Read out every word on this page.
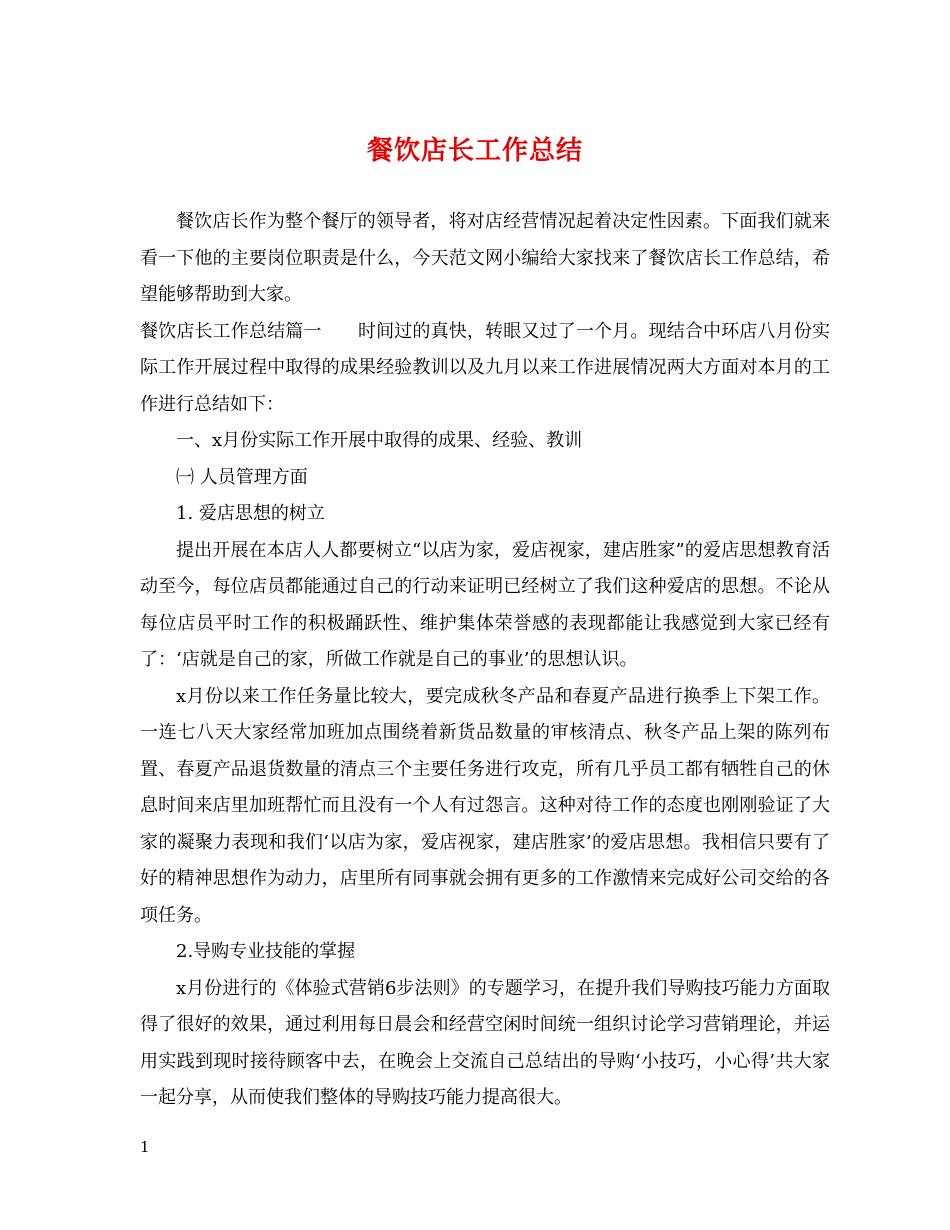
餐饮店长工作总结

餐饮店长作为整个餐厅的领导者，将对店经营情况起着决定性因素。下面我们就来看一下他的主要岗位职责是什么，今天范文网小编给大家找来了餐饮店长工作总结，希望能够帮助到大家。

餐饮店长工作总结篇一　　时间过的真快，转眼又过了一个月。现结合中环店八月份实际工作开展过程中取得的成果经验教训以及九月以来工作进展情况两大方面对本月的工作进行总结如下：

一、x月份实际工作开展中取得的成果、经验、教训

㈠ 人员管理方面

1. 爱店思想的树立

提出开展在本店人人都要树立“以店为家，爱店视家，建店胜家”的爱店思想教育活动至今，每位店员都能通过自己的行动来证明已经树立了我们这种爱店的思想。不论从每位店员平时工作的积极踊跃性、维护集体荣誉感的表现都能让我感觉到大家已经有了：‘店就是自己的家，所做工作就是自己的事业’的思想认识。

x月份以来工作任务量比较大，要完成秋冬产品和春夏产品进行换季上下架工作。一连七八天大家经常加班加点围绕着新货品数量的审核清点、秋冬产品上架的陈列布置、春夏产品退货数量的清点三个主要任务进行攻克，所有几乎员工都有牺牲自己的休息时间来店里加班帮忙而且没有一个人有过怨言。这种对待工作的态度也刚刚验证了大家的凝聚力表现和我们‘以店为家，爱店视家，建店胜家’的爱店思想。我相信只要有了好的精神思想作为动力，店里所有同事就会拥有更多的工作激情来完成好公司交给的各项任务。

2.导购专业技能的掌握

x月份进行的《体验式营销6步法则》的专题学习，在提升我们导购技巧能力方面取得了很好的效果，通过利用每日晨会和经营空闲时间统一组织讨论学习营销理论，并运用实践到现时接待顾客中去，在晚会上交流自己总结出的导购‘小技巧，小心得’共大家一起分享，从而使我们整体的导购技巧能力提高很大。

1
